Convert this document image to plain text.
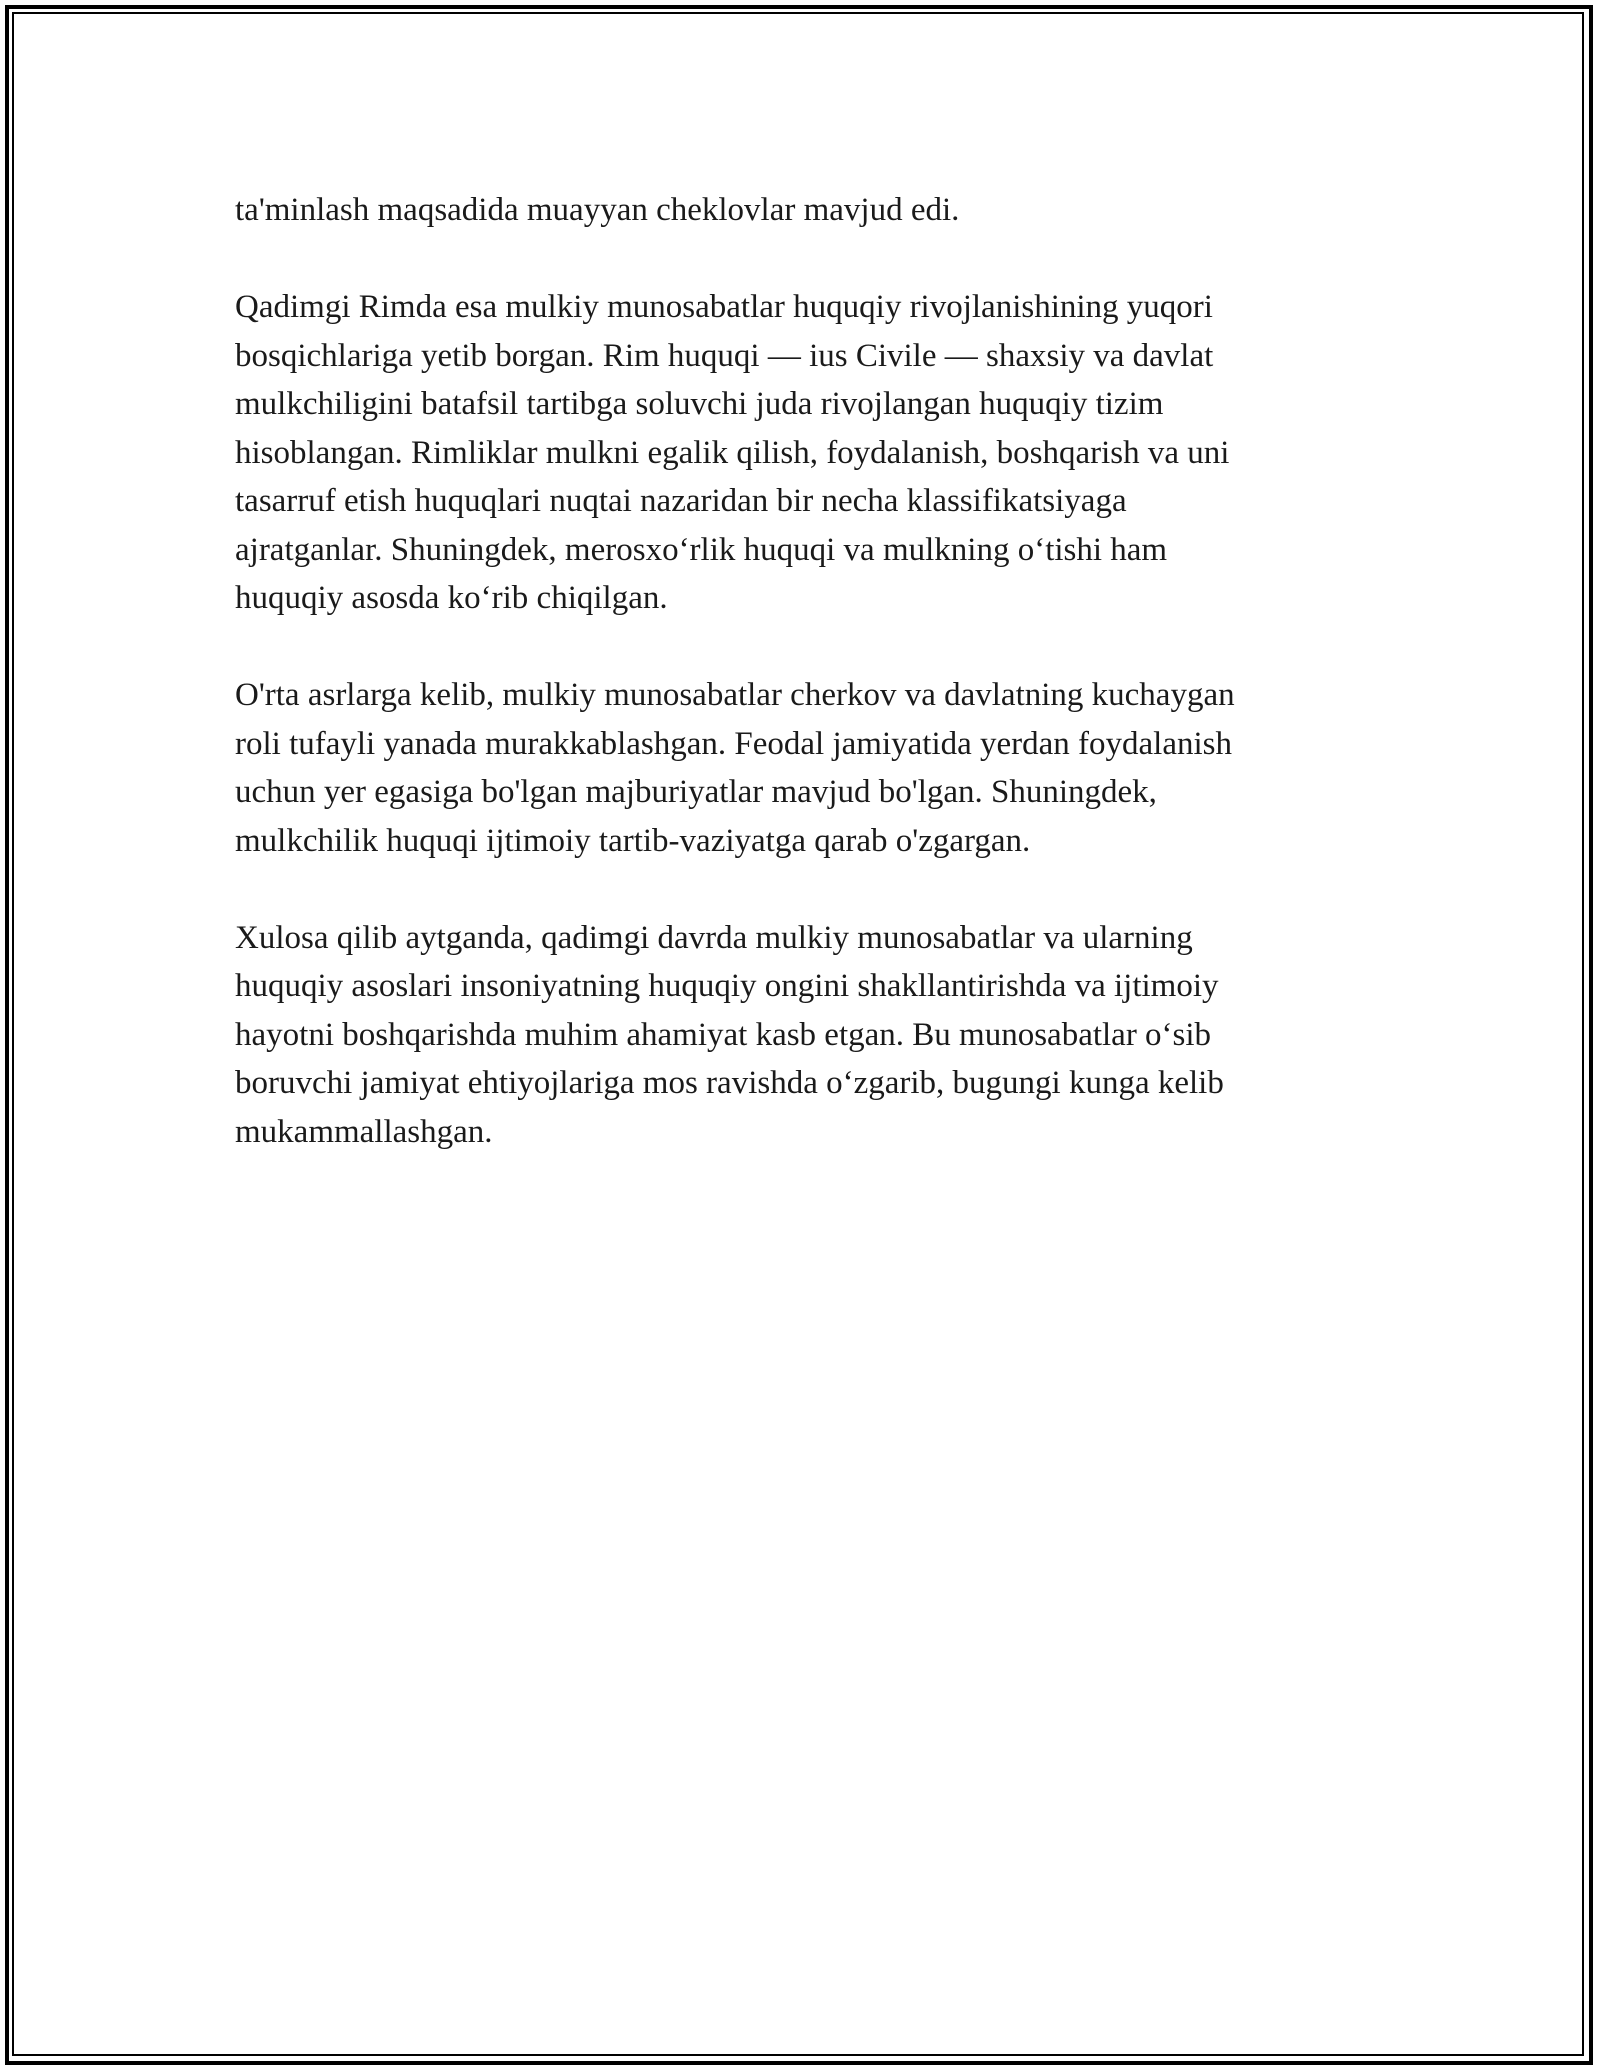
ta'minlash maqsadida muayyan cheklovlar mavjud edi.

Qadimgi Rimda esa mulkiy munosabatlar huquqiy rivojlanishining yuqori
bosqichlariga yetib borgan. Rim huquqi — ius Civile — shaxsiy va davlat
mulkchiligini batafsil tartibga soluvchi juda rivojlangan huquqiy tizim
hisoblangan. Rimliklar mulkni egalik qilish, foydalanish, boshqarish va uni
tasarruf etish huquqlari nuqtai nazaridan bir necha klassifikatsiyaga
ajratganlar. Shuningdek, merosxo‘rlik huquqi va mulkning o‘tishi ham
huquqiy asosda ko‘rib chiqilgan.

O'rta asrlarga kelib, mulkiy munosabatlar cherkov va davlatning kuchaygan
roli tufayli yanada murakkablashgan. Feodal jamiyatida yerdan foydalanish
uchun yer egasiga bo'lgan majburiyatlar mavjud bo'lgan. Shuningdek,
mulkchilik huquqi ijtimoiy tartib-vaziyatga qarab o'zgargan.

Xulosa qilib aytganda, qadimgi davrda mulkiy munosabatlar va ularning
huquqiy asoslari insoniyatning huquqiy ongini shakllantirishda va ijtimoiy
hayotni boshqarishda muhim ahamiyat kasb etgan. Bu munosabatlar o‘sib
boruvchi jamiyat ehtiyojlariga mos ravishda o‘zgarib, bugungi kunga kelib
mukammallashgan.
